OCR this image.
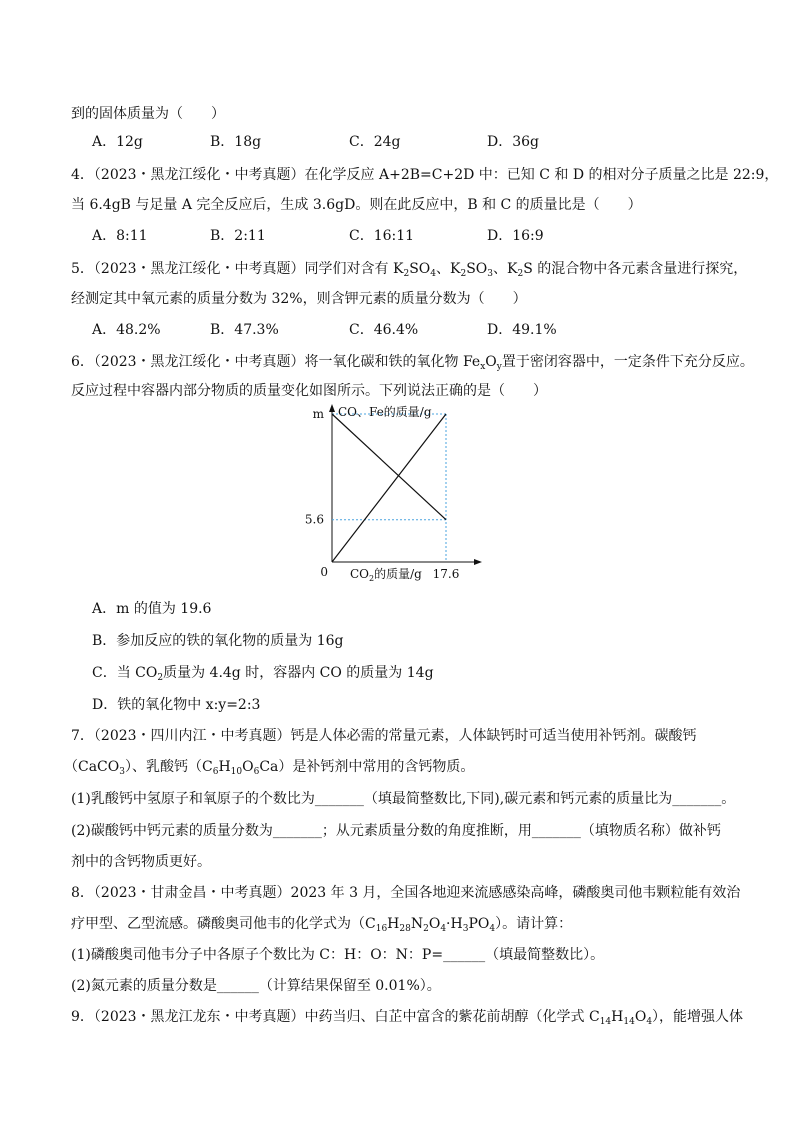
到的固体质量为（　　）
A．12g	B．18g	C．24g	D．36g
4．（2023・黑龙江绥化・中考真题）在化学反应 A+2B=C+2D 中：已知 C 和 D 的相对分子质量之比是 22:9，
当 6.4gB 与足量 A 完全反应后，生成 3.6gD。则在此反应中，B 和 C 的质量比是（　　）
A．8:11	B．2:11	C．16:11	D．16:9
5．（2023・黑龙江绥化・中考真题）同学们对含有 $K_2SO_4$、$K_2SO_3$、$K_2S$ 的混合物中各元素含量进行探究，
经测定其中氧元素的质量分数为 32%，则含钾元素的质量分数为（　　）
A．48.2%	B．47.3%	C．46.4%	D．49.1%
6．（2023・黑龙江绥化・中考真题）将一氧化碳和铁的氧化物 $Fe_xO_y$置于密闭容器中，一定条件下充分反应。
反应过程中容器内部分物质的质量变化如图所示。下列说法正确的是（　　）
CO、Fe的质量/g
m
5.6
0 $CO_2$的质量/g 17.6
A．m 的值为 19.6
B．参加反应的铁的氧化物的质量为 16g
C．当 $CO_2$质量为 4.4g 时，容器内 CO 的质量为 14g
D．铁的氧化物中 x:y=2:3
7．（2023・四川内江・中考真题）钙是人体必需的常量元素，人体缺钙时可适当使用补钙剂。碳酸钙
（CaCO$_3$）、乳酸钙$(C_6H_{10}O_6Ca)$是补钙剂中常用的含钙物质。
(1)乳酸钙中氢原子和氧原子的个数比为_______（填最简整数比,下同),碳元素和钙元素的质量比为_______。
(2)碳酸钙中钙元素的质量分数为_______；从元素质量分数的角度推断，用_______（填物质名称）做补钙
剂中的含钙物质更好。
8．（2023・甘肃金昌・中考真题）2023 年 3 月，全国各地迎来流感感染高峰，磷酸奥司他韦颗粒能有效治
疗甲型、乙型流感。磷酸奥司他韦的化学式为$(C_{16}H_{28}N_2O_4\cdot H_3PO_4)$。请计算：
(1)磷酸奥司他韦分子中各原子个数比为 C：H：O：N：P=______（填最简整数比）。
(2)氮元素的质量分数是______（计算结果保留至 0.01%）。
9．（2023・黑龙江龙东・中考真题）中药当归、白芷中富含的紫花前胡醇（化学式 $C_{14}H_{14}O_4$），能增强人体
